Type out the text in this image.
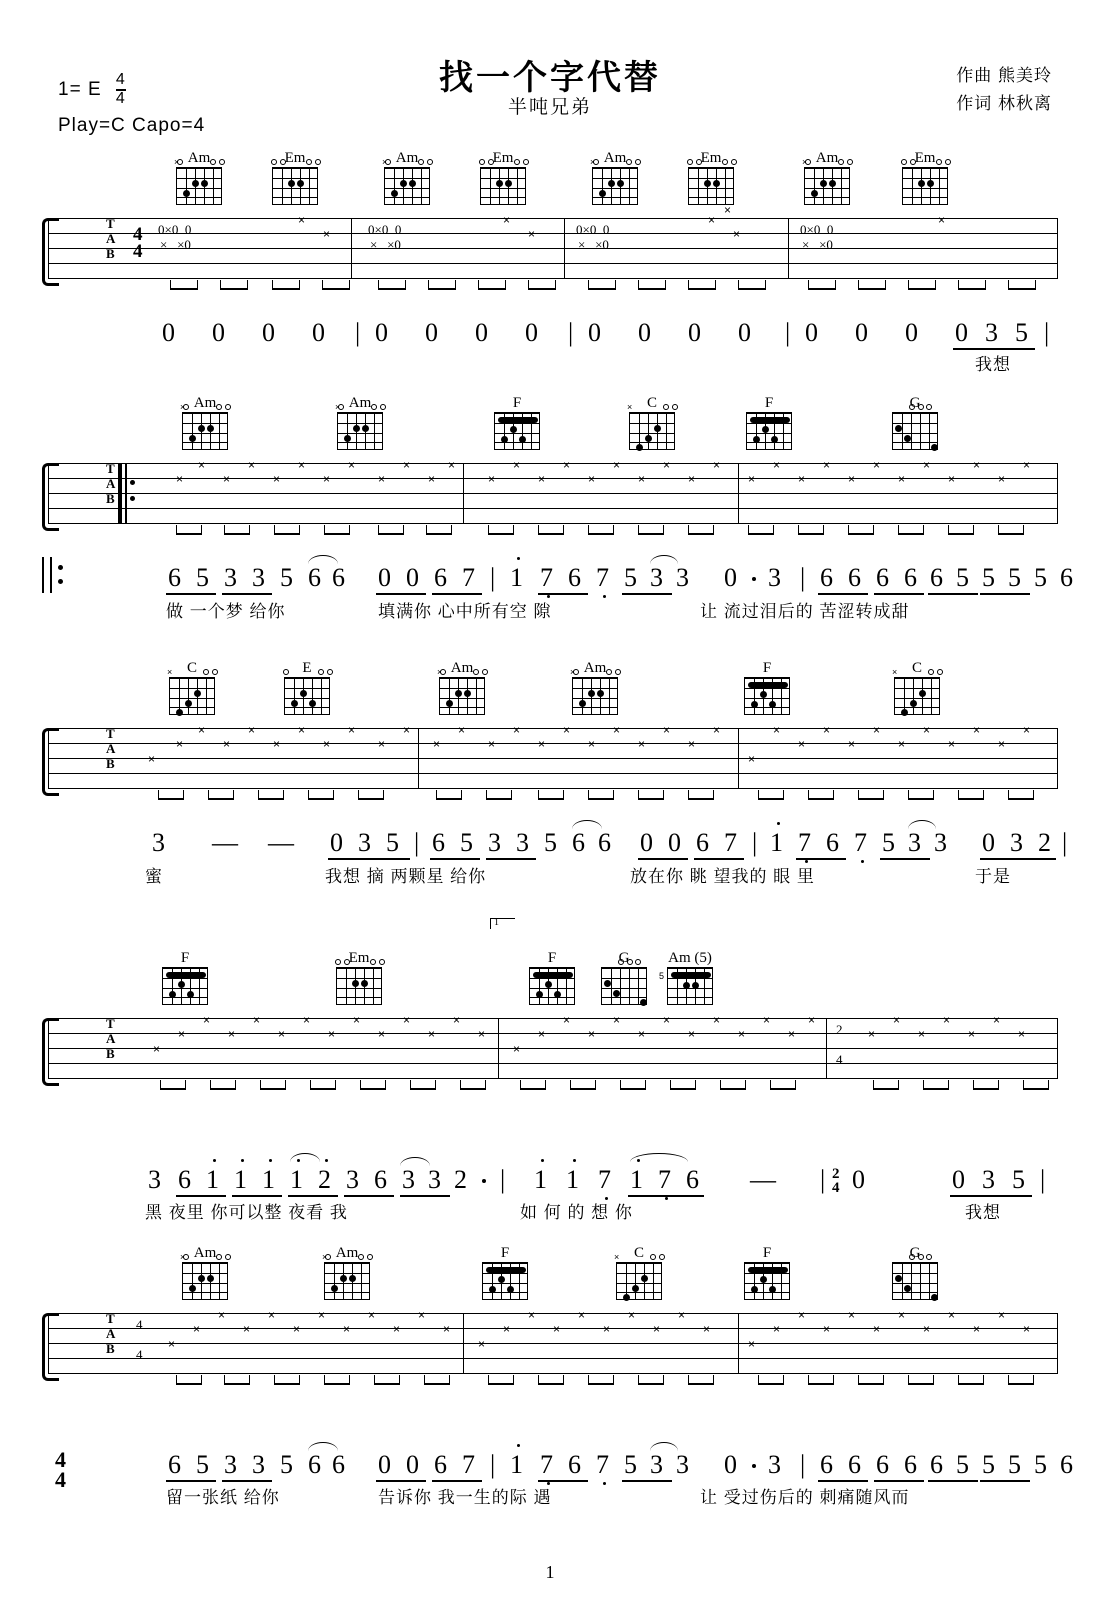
1= E $\frac{4}{4}$
Play=C Capo=4
找一个字代替
半吨兄弟
作曲 熊美玲
作词 林秋离
Am
×	Em	Am
×	Em	Am
×	Em	Am
×	Em
T
A
B
4
4
0×0  0
×   ×0
0×0  0
×   ×0
0×0  0
×   ×0
0×0  0
×   ×0
×
×
×
×
×
×
×
×
0 0 0 0 | 0 0 0 0 | 0 0 0 0 | 0 0 0 0 3 5 |
我想
Am
×	Am
×	F	C
×	F	G
T
A
B
×
×
×
×
×
×
×
×
×
×
×
×
×
×
×
×
×
×
×
×
×
×
×
×
×
×
×
×
×
×
×
×
×
×
6 5 3 3 5 6 6 0 0 6 7 | 1 7 6 7 5 3 3 0 3 | 6 6 6 6 6 5
5 5 5 6
做 一个梦 给你	填满你 心中所有空 隙	让 流过泪后的 苦涩转成甜
C
×	E	Am
×	Am
×	F	C
×
T
A
B	×
×
×
×
×
×
×
×
×
×
×
×
×
×
×
×
×
×
×
×
×
×
×
×
×
×
×
×
×
×
×
×
×
×
×
3 — — 0 3 5 | 6 5 3 3 5 6 6 0 0 6 7 | 1 7 6 7 5 3 3 0 3 2 |
蜜	我想 摘 两颗星 给你	放在你 眺 望我的 眼 里	于是
1
F	Em	F	G	Am (5)
5
T
A
B
2
4
×
×
×
×
×
×
×
×
×
×
×
×
×
×
×
×
×
×
×
×
×
×
×
×
×
×
×
×
×
×
×
×
×
×
3 6 1 1 1 1 2 3 6 3 3 2 | 1 1 7 1 7 6 — | 2
4 0	0 3 5 |
黑 夜里 你可以整 夜看 我	如 何 的 想 你	我想
Am
×	Am
×	F	C
×	F	G
T
A
B
4
4
×
×
×
×
×
×
×
×
×
×
×
×
×
×
×
×
×
×
×
×
×
×
×
×
×
×
×
×
×
×
×
×
×
×
4
4
6 5 3 3 5 6 6 0 0 6 7 | 1 7 6 7 5 3 3 0 3 | 6 6 6 6 6 5 5 5 5 6
留一张纸 给你	告诉你 我一生的际 遇	让 受过伤后的 刺痛随风而
1
